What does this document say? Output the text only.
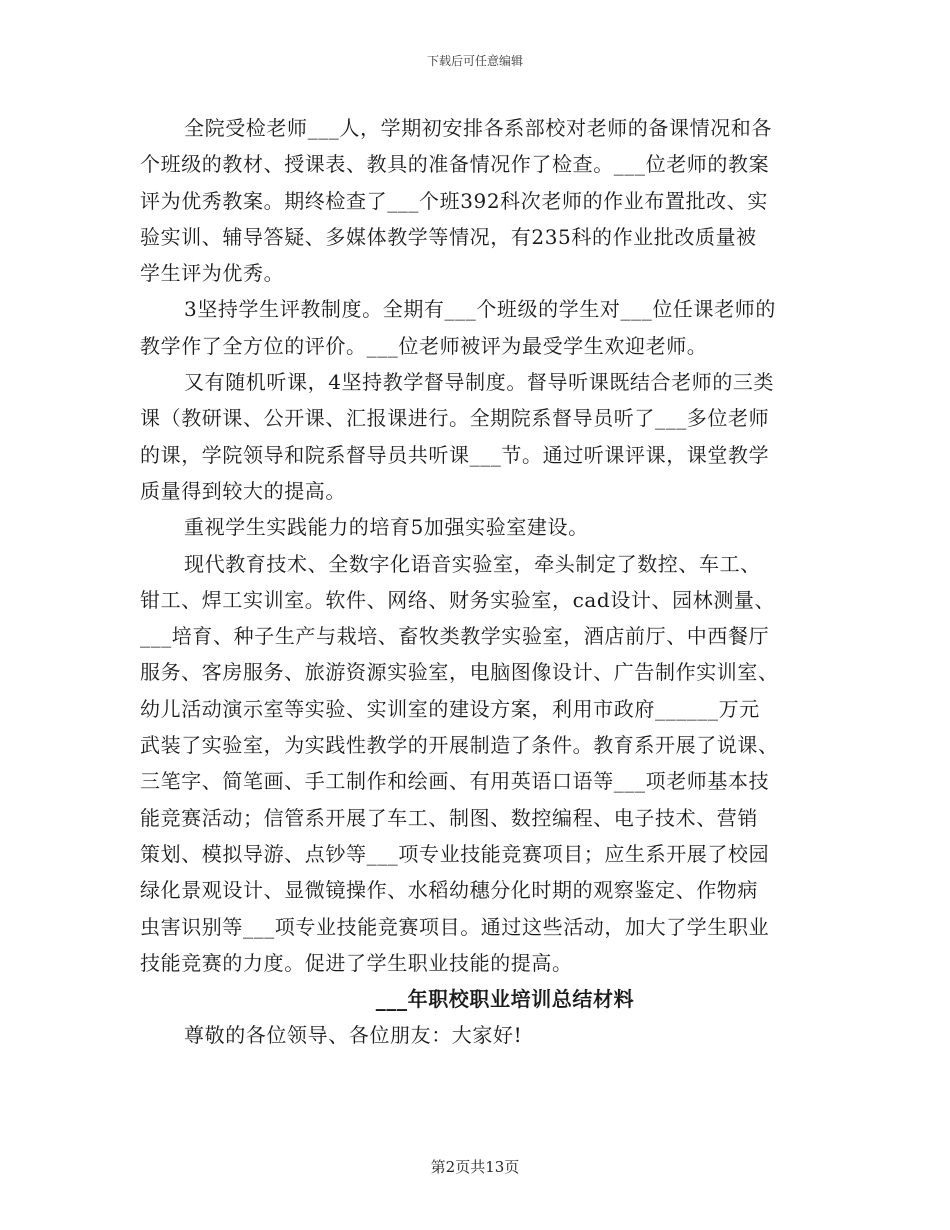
下载后可任意编辑
全院受检老师___人，学期初安排各系部校对老师的备课情况和各
个班级的教材、授课表、教具的准备情况作了检查。___位老师的教案
评为优秀教案。期终检查了___个班392科次老师的作业布置批改、实
验实训、辅导答疑、多媒体教学等情况，有235科的作业批改质量被
学生评为优秀。
3坚持学生评教制度。全期有___个班级的学生对___位任课老师的
教学作了全方位的评价。___位老师被评为最受学生欢迎老师。
又有随机听课，4坚持教学督导制度。督导听课既结合老师的三类
课（教研课、公开课、汇报课进行。全期院系督导员听了___多位老师
的课，学院领导和院系督导员共听课___节。通过听课评课，课堂教学
质量得到较大的提高。
重视学生实践能力的培育5加强实验室建设。
现代教育技术、全数字化语音实验室，牵头制定了数控、车工、
钳工、焊工实训室。软件、网络、财务实验室，cad设计、园林测量、
___培育、种子生产与栽培、畜牧类教学实验室，酒店前厅、中西餐厅
服务、客房服务、旅游资源实验室，电脑图像设计、广告制作实训室、
幼儿活动演示室等实验、实训室的建设方案，利用市政府______万元
武装了实验室，为实践性教学的开展制造了条件。教育系开展了说课、
三笔字、简笔画、手工制作和绘画、有用英语口语等___项老师基本技
能竞赛活动；信管系开展了车工、制图、数控编程、电子技术、营销
策划、模拟导游、点钞等___项专业技能竞赛项目；应生系开展了校园
绿化景观设计、显微镜操作、水稻幼穗分化时期的观察鉴定、作物病
虫害识别等___项专业技能竞赛项目。通过这些活动，加大了学生职业
技能竞赛的力度。促进了学生职业技能的提高。
___年职校职业培训总结材料
尊敬的各位领导、各位朋友：大家好!
第2页共13页
